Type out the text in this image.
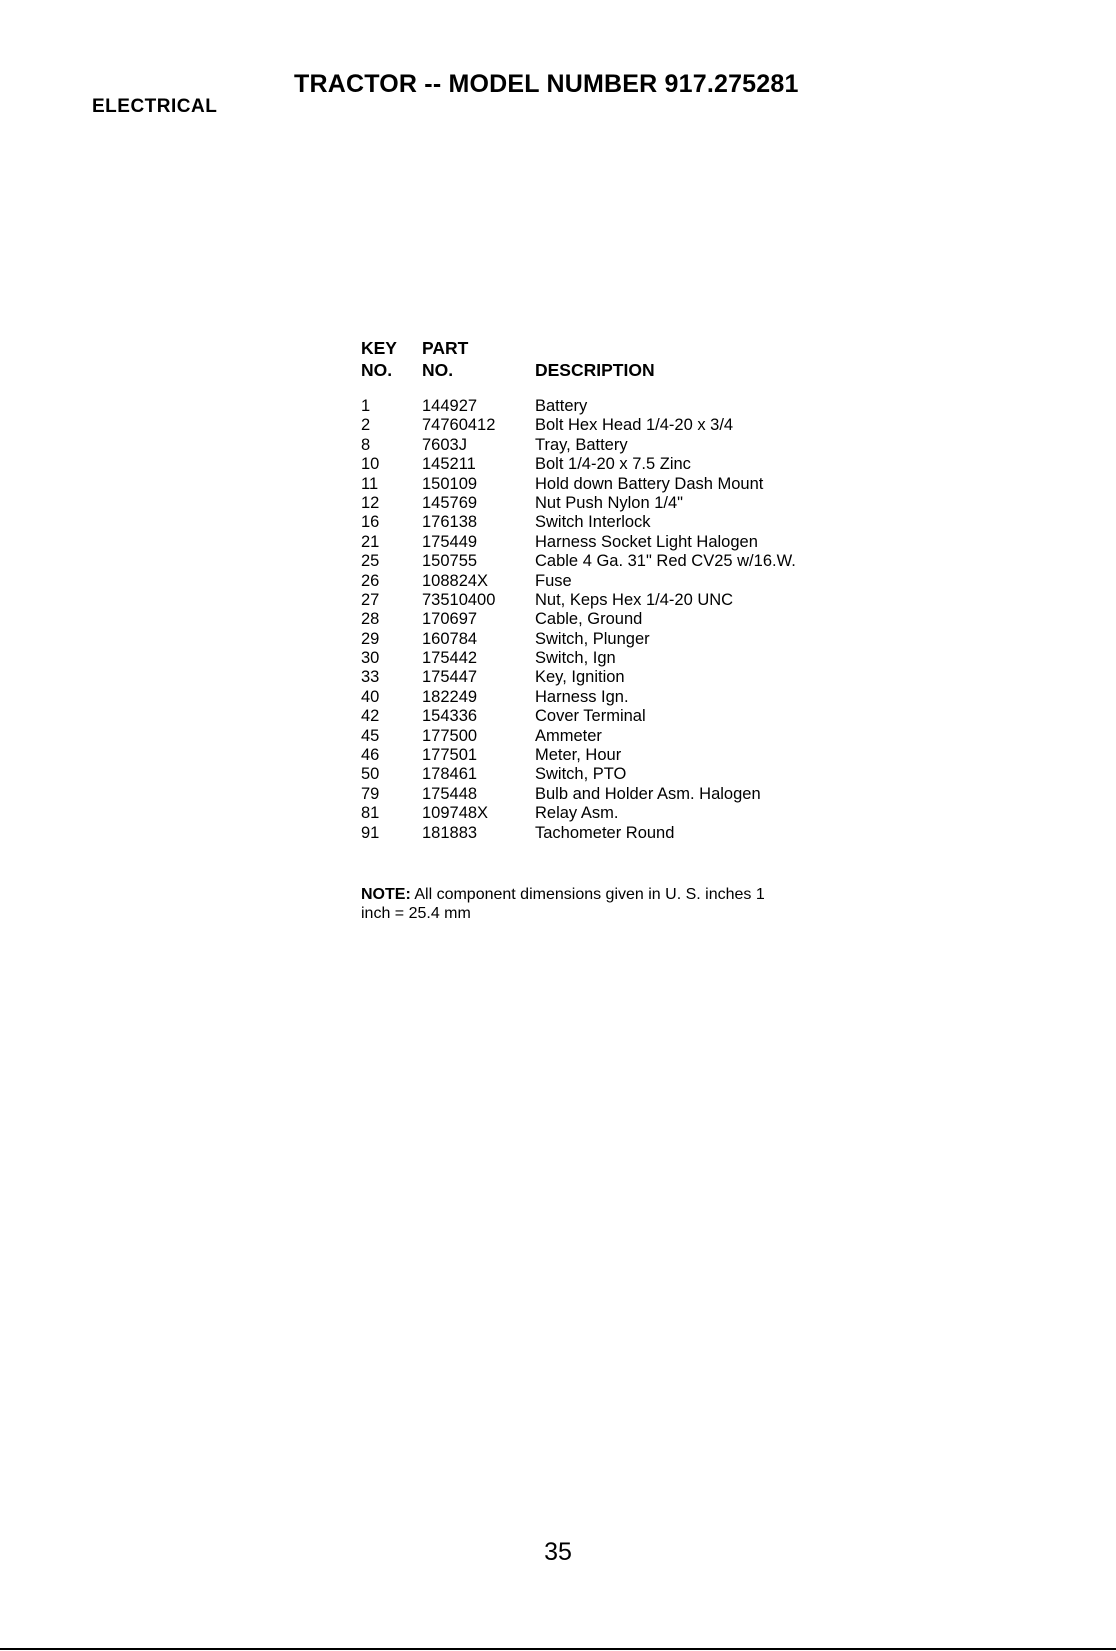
TRACTOR -- MODEL NUMBER 917.275281
ELECTRICAL
KEY	PART
NO.	NO.	DESCRIPTION
1	144927	Battery
2	74760412	Bolt Hex Head 1/4-20 x 3/4
8	7603J	Tray, Battery
10	145211	Bolt 1/4-20 x 7.5 Zinc
11	150109	Hold down Battery Dash Mount
12	145769	Nut Push Nylon 1/4"
16	176138	Switch Interlock
21	175449	Harness Socket Light Halogen
25	150755	Cable 4 Ga. 31" Red CV25 w/16.W.
26	108824X	Fuse
27	73510400	Nut, Keps Hex 1/4-20 UNC
28	170697	Cable, Ground
29	160784	Switch, Plunger
30	175442	Switch, Ign
33	175447	Key, Ignition
40	182249	Harness Ign.
42	154336	Cover Terminal
45	177500	Ammeter
46	177501	Meter, Hour
50	178461	Switch, PTO
79	175448	Bulb and Holder Asm. Halogen
81	109748X	Relay Asm.
91	181883	Tachometer Round
NOTE: All component dimensions given in U. S. inches 1 inch = 25.4 mm
35
